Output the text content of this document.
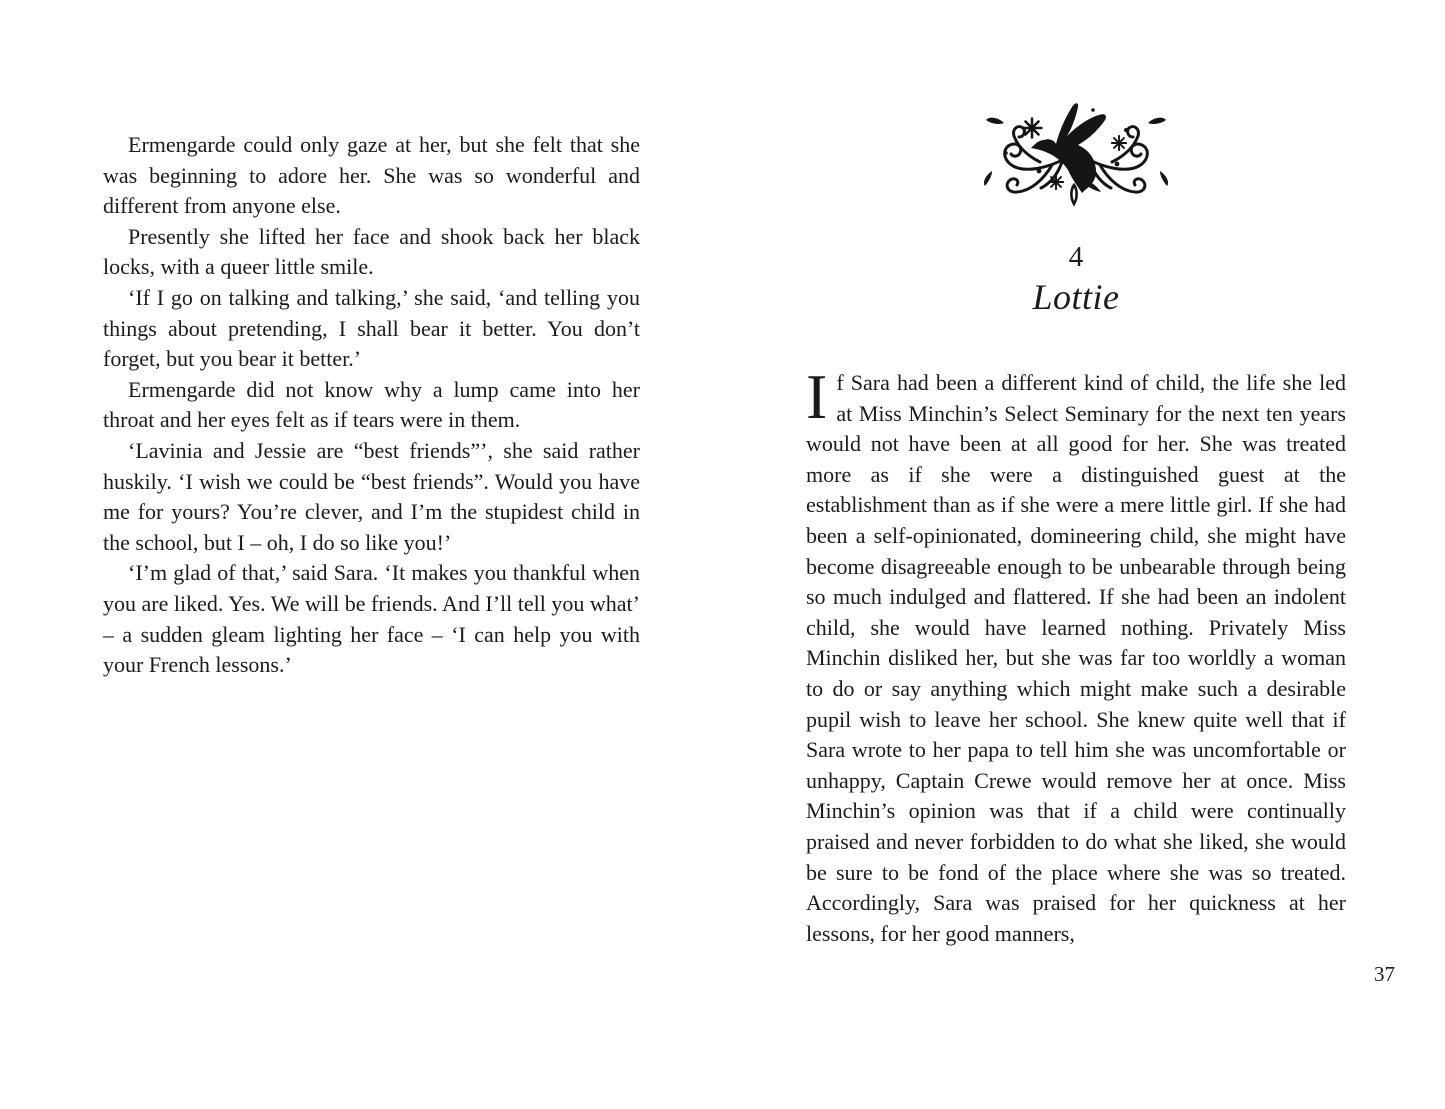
Ermengarde could only gaze at her, but she felt that she was beginning to adore her. She was so wonderful and different from anyone else.

Presently she lifted her face and shook back her black locks, with a queer little smile.

‘If I go on talking and talking,’ she said, ‘and telling you things about pretending, I shall bear it better. You don’t forget, but you bear it better.’

Ermengarde did not know why a lump came into her throat and her eyes felt as if tears were in them.

‘Lavinia and Jessie are “best friends”’, she said rather huskily. ‘I wish we could be “best friends”. Would you have me for yours? You’re clever, and I’m the stupidest child in the school, but I – oh, I do so like you!’

‘I’m glad of that,’ said Sara. ‘It makes you thankful when you are liked. Yes. We will be friends. And I’ll tell you what’ – a sudden gleam lighting her face – ‘I can help you with your French lessons.’

4
Lottie

If Sara had been a different kind of child, the life she led at Miss Minchin’s Select Seminary for the next ten years would not have been at all good for her. She was treated more as if she were a distinguished guest at the establishment than as if she were a mere little girl. If she had been a self-opinionated, domineering child, she might have become disagreeable enough to be unbearable through being so much indulged and flattered. If she had been an indolent child, she would have learned nothing. Privately Miss Minchin disliked her, but she was far too worldly a woman to do or say anything which might make such a desirable pupil wish to leave her school. She knew quite well that if Sara wrote to her papa to tell him she was uncomfortable or unhappy, Captain Crewe would remove her at once. Miss Minchin’s opinion was that if a child were continually praised and never forbidden to do what she liked, she would be sure to be fond of the place where she was so treated. Accordingly, Sara was praised for her quickness at her lessons, for her good manners,

37
